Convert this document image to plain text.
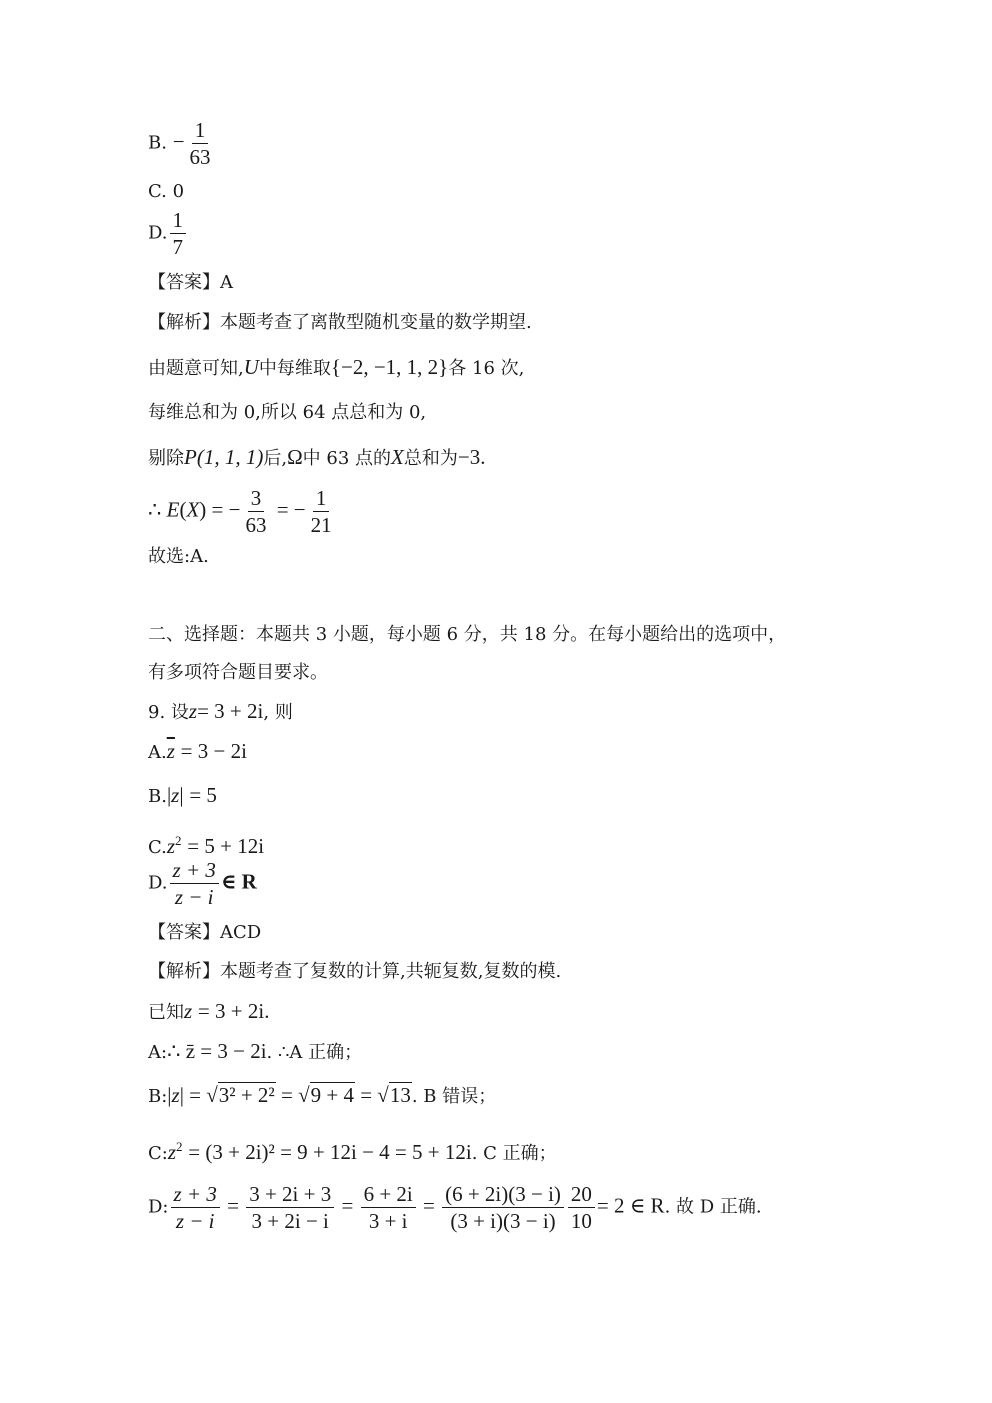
B. − $\frac{1}{63}$
C. 0
D. $\frac{1}{7}$
【答案】A
【解析】本题考查了离散型随机变量的数学期望.
由题意可知,U中每维取{−2, −1, 1, 2}各 16 次,
每维总和为 0,所以 64 点总和为 0,
剔除P(1, 1, 1)后,Ω中 63 点的X总和为−3.
∴ E(X) = − $\frac{3}{63}$ = − $\frac{1}{21}$
故选:A.
二、选择题：本题共 3 小题，每小题 6 分，共 18 分。在每小题给出的选项中，
有多项符合题目要求。
9. 设z= 3 + 2i, 则
$A.\overline{z} = 3 - 2i$
B.|z| = 5
$C.z^2 = 5 + 12i$
D. $\frac{z + 3}{z - i}$ ∈ R
【答案】ACD
【解析】本题考查了复数的计算,共轭复数,复数的模.
已知z = 3 + 2i.
A:∴ z̄ = 3 − 2i. ∴A 正确；
B:|z| = √3² + 2² = √9 + 4 = √13. B 错误；
$C:z^2 = (3 + 2i)^2 = 9 + 12i - 4 = 5 + 12i$. C 正确；
D: $\frac{z + 3}{z - i} = \frac{3 + 2i + 3}{3 + 2i - i} = \frac{6 + 2i}{3 + i} = \frac{(6 + 2i)(3 - i)}{(3 + i)(3 - i)} \frac{20}{10} = 2$ ∈ R. 故 D 正确.
